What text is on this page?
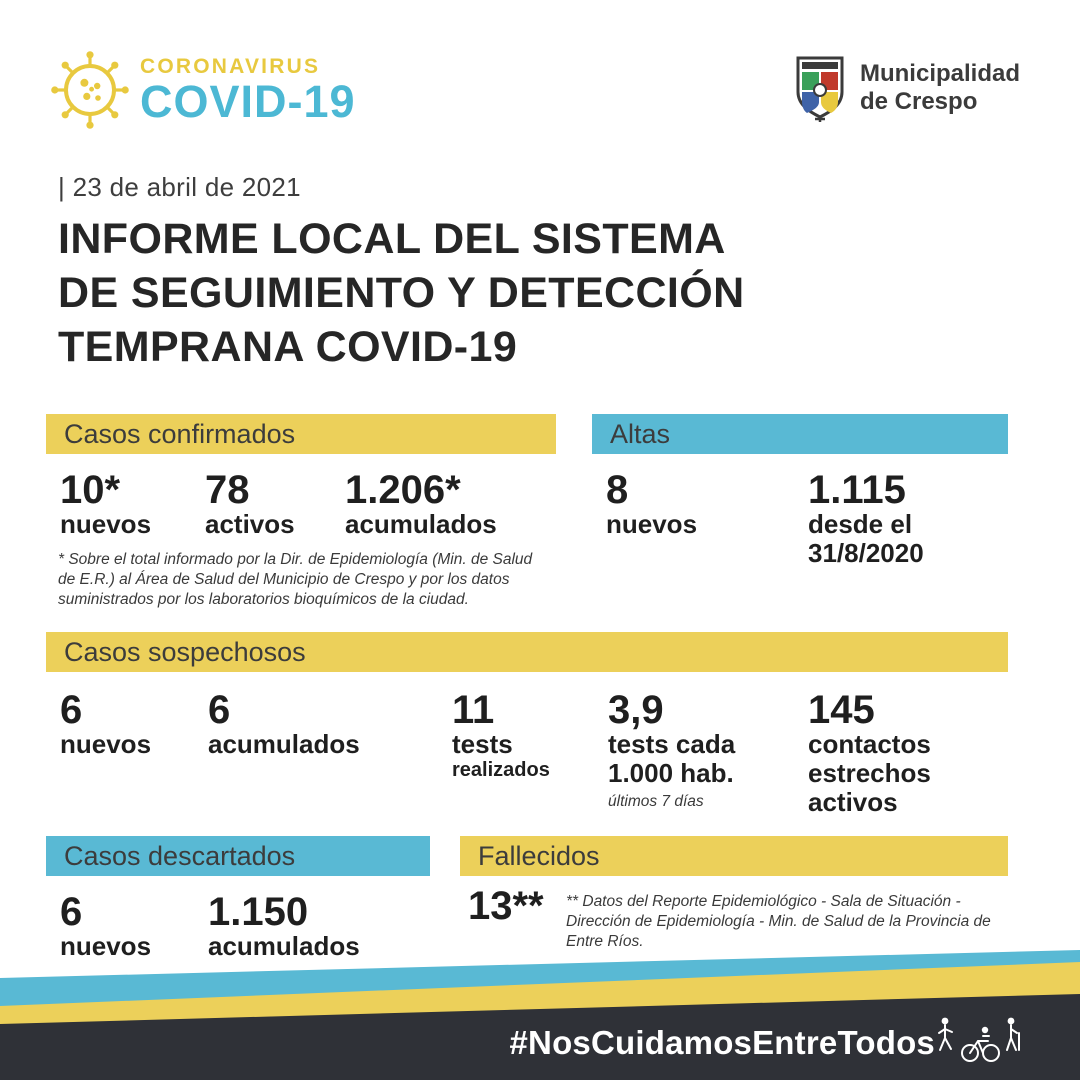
CORONAVIRUS
COVID-19
Municipalidad
de Crespo
| 23 de abril de 2021
INFORME LOCAL DEL SISTEMA
DE SEGUIMIENTO Y DETECCIÓN
TEMPRANA COVID-19
Casos confirmados
10*
nuevos
78
activos
1.206*
acumulados
* Sobre el total informado por la Dir. de Epidemiología (Min. de Salud de E.R.) al Área de Salud del Municipio de Crespo y por los datos suministrados por los laboratorios bioquímicos de la ciudad.
Altas
8
nuevos
1.115
desde el
31/8/2020
Casos sospechosos
6
nuevos
6
acumulados
11
tests
realizados
3,9
tests cada
1.000 hab.
últimos 7 días
145
contactos
estrechos
activos
Casos descartados
6
nuevos
1.150
acumulados
Fallecidos
13** ** Datos del Reporte Epidemiológico - Sala de Situación - Dirección de Epidemiología - Min. de Salud de la Provincia de Entre Ríos.
#NosCuidamosEntreTodos
